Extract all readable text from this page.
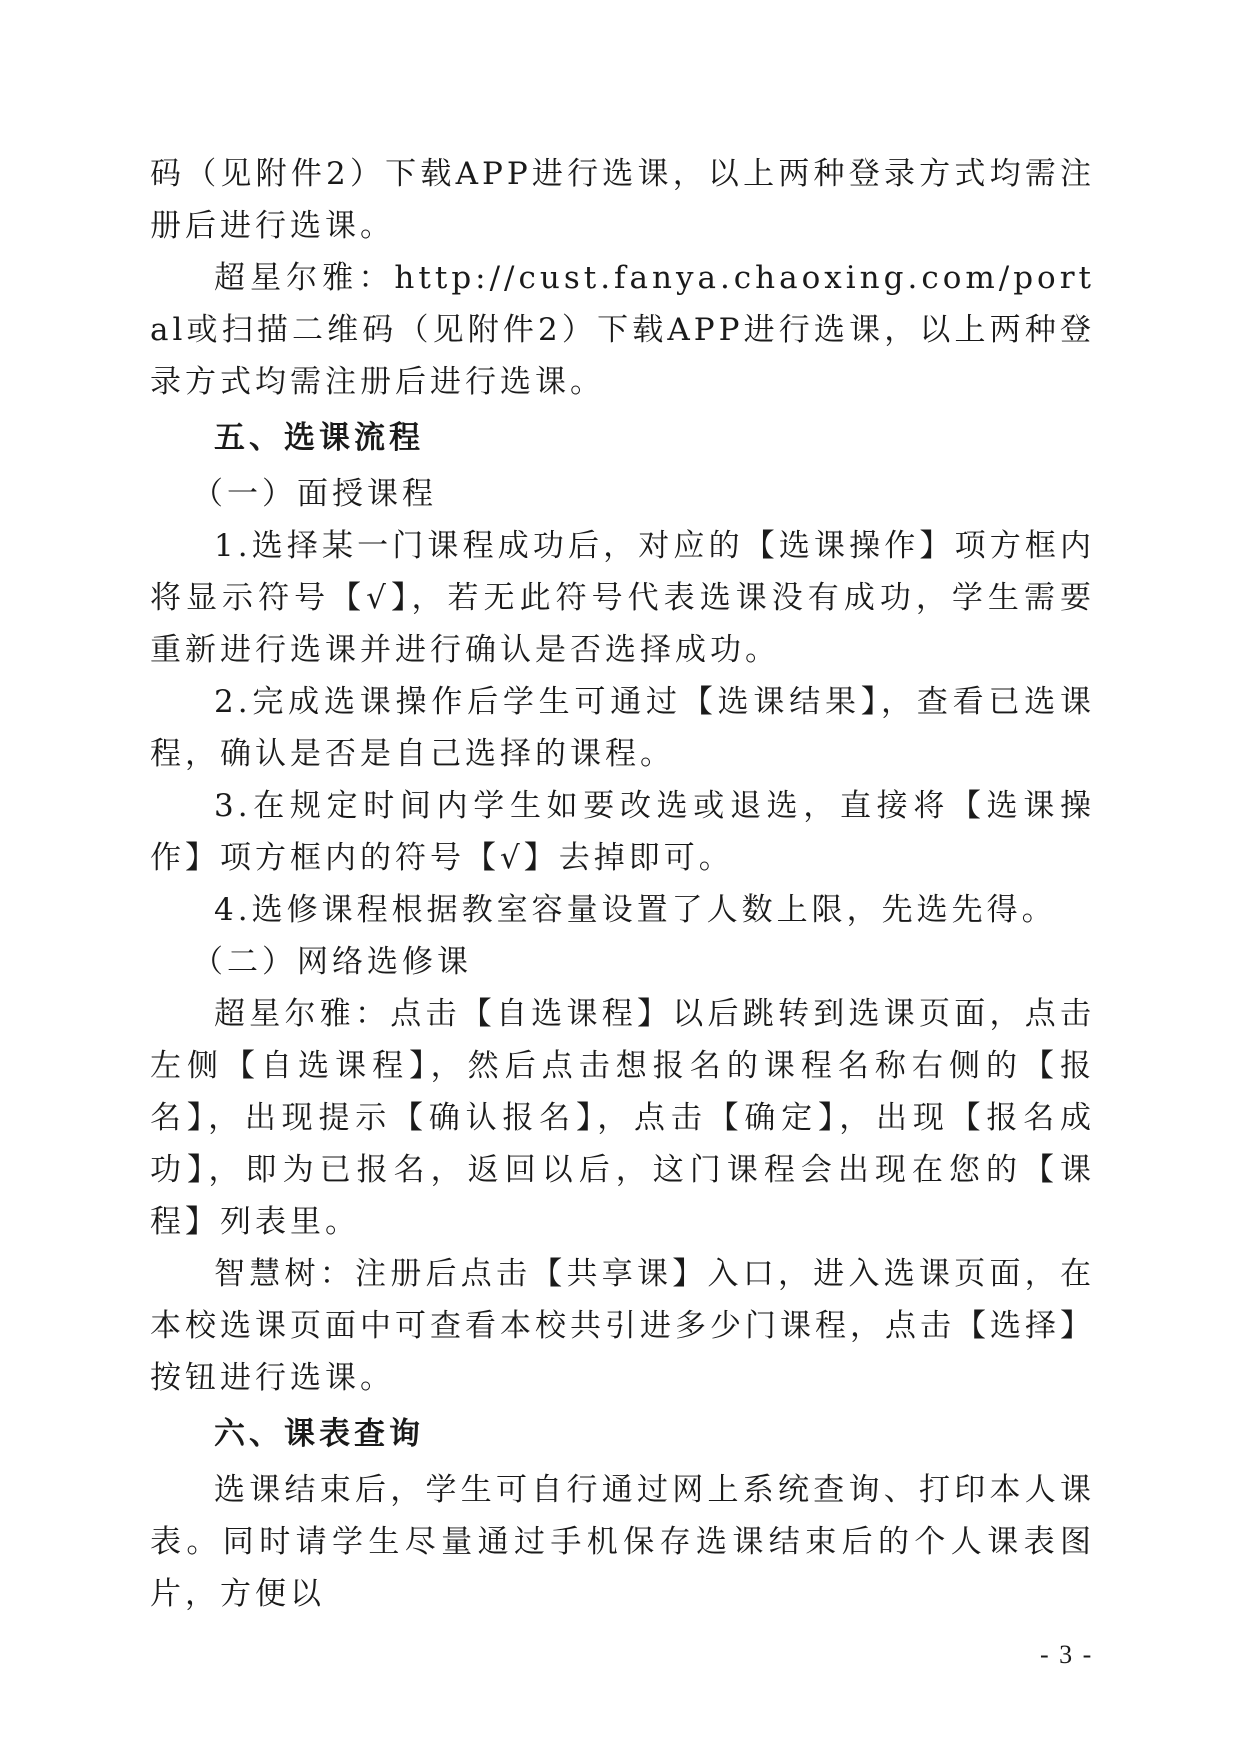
码（见附件2）下载APP进行选课，以上两种登录方式均需注册后进行选课。

超星尔雅：http://cust.fanya.chaoxing.com/portal或扫描二维码（见附件2）下载APP进行选课，以上两种登录方式均需注册后进行选课。

五、选课流程

（一）面授课程

1.选择某一门课程成功后，对应的【选课操作】项方框内将显示符号【√】，若无此符号代表选课没有成功，学生需要重新进行选课并进行确认是否选择成功。

2.完成选课操作后学生可通过【选课结果】，查看已选课程，确认是否是自己选择的课程。

3.在规定时间内学生如要改选或退选，直接将【选课操作】项方框内的符号【√】去掉即可。

4.选修课程根据教室容量设置了人数上限，先选先得。

（二）网络选修课

超星尔雅：点击【自选课程】以后跳转到选课页面，点击左侧【自选课程】，然后点击想报名的课程名称右侧的【报名】，出现提示【确认报名】，点击【确定】，出现【报名成功】，即为已报名，返回以后，这门课程会出现在您的【课程】列表里。

智慧树：注册后点击【共享课】入口，进入选课页面，在本校选课页面中可查看本校共引进多少门课程，点击【选择】按钮进行选课。

六、课表查询

选课结束后，学生可自行通过网上系统查询、打印本人课表。同时请学生尽量通过手机保存选课结束后的个人课表图片，方便以

- 3 -
